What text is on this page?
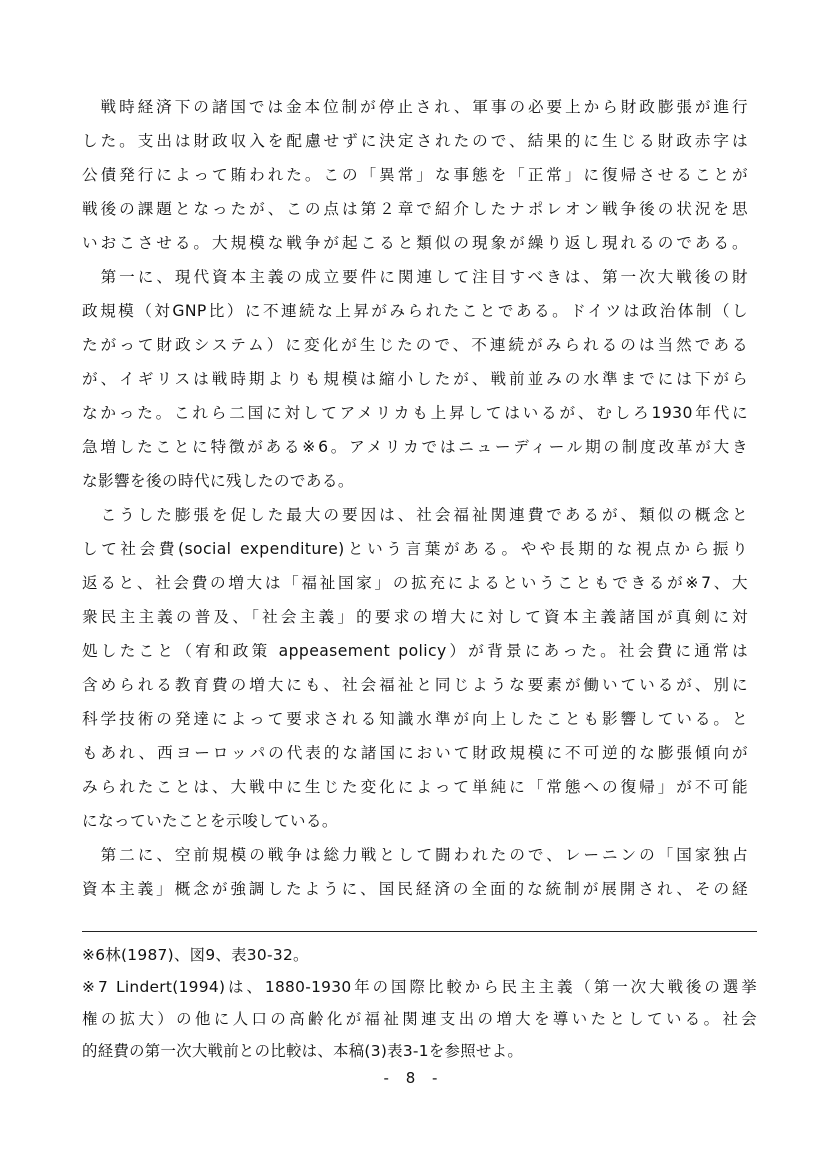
　戦時経済下の諸国では金本位制が停止され、軍事の必要上から財政膨張が進行
した。支出は財政収入を配慮せずに決定されたので、結果的に生じる財政赤字は
公債発行によって賄われた。この「異常」な事態を「正常」に復帰させることが
戦後の課題となったが、この点は第２章で紹介したナポレオン戦争後の状況を思
いおこさせる。大規模な戦争が起こると類似の現象が繰り返し現れるのである。
　第一に、現代資本主義の成立要件に関連して注目すべきは、第一次大戦後の財
政規模（対GNP比）に不連続な上昇がみられたことである。ドイツは政治体制（し
たがって財政システム）に変化が生じたので、不連続がみられるのは当然である
が、イギリスは戦時期よりも規模は縮小したが、戦前並みの水準までには下がら
なかった。これら二国に対してアメリカも上昇してはいるが、むしろ1930年代に
急増したことに特徴がある※6。アメリカではニューディール期の制度改革が大き
な影響を後の時代に残したのである。
　こうした膨張を促した最大の要因は、社会福祉関連費であるが、類似の概念と
して社会費(social expenditure)という言葉がある。やや長期的な視点から振り
返ると、社会費の増大は「福祉国家」の拡充によるということもできるが※7、大
衆民主主義の普及、「社会主義」的要求の増大に対して資本主義諸国が真剣に対
処したこと（宥和政策 appeasement policy）が背景にあった。社会費に通常は
含められる教育費の増大にも、社会福祉と同じような要素が働いているが、別に
科学技術の発達によって要求される知識水準が向上したことも影響している。と
もあれ、西ヨーロッパの代表的な諸国において財政規模に不可逆的な膨張傾向が
みられたことは、大戦中に生じた変化によって単純に「常態への復帰」が不可能
になっていたことを示唆している。
　第二に、空前規模の戦争は総力戦として闘われたので、レーニンの「国家独占
資本主義」概念が強調したように、国民経済の全面的な統制が展開され、その経
※6林(1987)、図9、表30-32。
※7 Lindert(1994)は、1880-1930年の国際比較から民主主義（第一次大戦後の選挙
権の拡大）の他に人口の高齢化が福祉関連支出の増大を導いたとしている。社会
的経費の第一次大戦前との比較は、本稿(3)表3-1を参照せよ。
- 8 -
